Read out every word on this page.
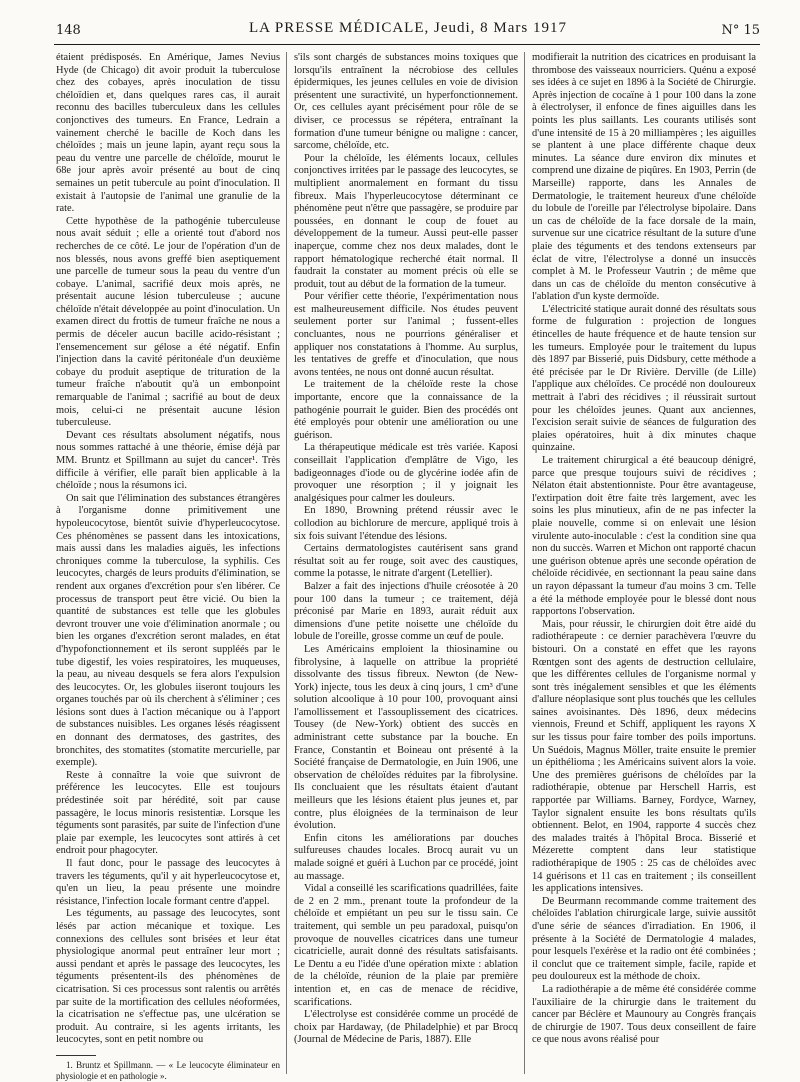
148	LA PRESSE MÉDICALE, Jeudi, 8 Mars 1917	N° 15

étaient prédisposés. En Amérique, James Nevius Hyde (de Chicago) dit avoir produit la tuberculose chez des cobayes, après inoculation de tissu chéloïdien et, dans quelques rares cas, il aurait reconnu des bacilles tuberculeux dans les cellules conjonctives des tumeurs. En France, Ledrain a vainement cherché le bacille de Koch dans les chéloïdes ; mais un jeune lapin, ayant reçu sous la peau du ventre une parcelle de chéloïde, mourut le 68e jour après avoir présenté au bout de cinq semaines un petit tubercule au point d'inoculation. Il existait à l'autopsie de l'animal une granulie de la rate.

Cette hypothèse de la pathogénie tuberculeuse nous avait séduit ; elle a orienté tout d'abord nos recherches de ce côté. Le jour de l'opération d'un de nos blessés, nous avons greffé bien aseptiquement une parcelle de tumeur sous la peau du ventre d'un cobaye. L'animal, sacrifié deux mois après, ne présentait aucune lésion tuberculeuse ; aucune chéloïde n'était développée au point d'inoculation. Un examen direct du frottis de tumeur fraîche ne nous a permis de déceler aucun bacille acido-résistant ; l'ensemencement sur gélose a été négatif. Enfin l'injection dans la cavité péritonéale d'un deuxième cobaye du produit aseptique de trituration de la tumeur fraîche n'aboutit qu'à un embonpoint remarquable de l'animal ; sacrifié au bout de deux mois, celui-ci ne présentait aucune lésion tuberculeuse.

Devant ces résultats absolument négatifs, nous nous sommes rattaché à une théorie, émise déjà par MM. Bruntz et Spillmann au sujet du cancer¹. Très difficile à vérifier, elle paraît bien applicable à la chéloïde ; nous la résumons ici.

On sait que l'élimination des substances étrangères à l'organisme donne primitivement une hypoleucocytose, bientôt suivie d'hyperleucocytose. Ces phénomènes se passent dans les intoxications, mais aussi dans les maladies aiguës, les infections chroniques comme la tuberculose, la syphilis. Ces leucocytes, chargés de leurs produits d'élimination, se rendent aux organes d'excrétion pour s'en libérer. Ce processus de transport peut être vicié. Ou bien la quantité de substances est telle que les globules devront trouver une voie d'élimination anormale ; ou bien les organes d'excrétion seront malades, en état d'hypofonctionnement et ils seront suppléés par le tube digestif, les voies respiratoires, les muqueuses, la peau, au niveau desquels se fera alors l'expulsion des leucocytes. Or, les globules iiseront toujours les organes touchés par où ils cherchent à s'éliminer ; ces lésions sont dues à l'action mécanique ou à l'apport de substances nuisibles. Les organes lésés réagissent en donnant des dermatoses, des gastrites, des bronchites, des stomatites (stomatite mercurielle, par exemple).

Reste à connaître la voie que suivront de préférence les leucocytes. Elle est toujours prédestinée soit par hérédité, soit par cause passagère, le locus minoris resistentiæ. Lorsque les téguments sont parasités, par suite de l'infection d'une plaie par exemple, les leucocytes sont attirés à cet endroit pour phagocyter.

Il faut donc, pour le passage des leucocytes à travers les téguments, qu'il y ait hyperleucocytose et, qu'en un lieu, la peau présente une moindre résistance, l'infection locale formant centre d'appel.

Les téguments, au passage des leucocytes, sont lésés par action mécanique et toxique. Les connexions des cellules sont brisées et leur état physiologique anormal peut entraîner leur mort ; aussi pendant et après le passage des leucocytes, les téguments présentent-ils des phénomènes de cicatrisation. Si ces processus sont ralentis ou arrêtés par suite de la mortification des cellules néoformées, la cicatrisation ne s'effectue pas, une ulcération se produit. Au contraire, si les agents irritants, les leucocytes, sont en petit nombre ou

1. Bruntz et Spillmann. — « Le leucocyte éliminateur en physiologie et en pathologie ».

s'ils sont chargés de substances moins toxiques que lorsqu'ils entraînent la nécrobiose des cellules épidermiques, les jeunes cellules en voie de division présentent une suractivité, un hyperfonctionnement. Or, ces cellules ayant précisément pour rôle de se diviser, ce processus se répétera, entraînant la formation d'une tumeur bénigne ou maligne : cancer, sarcome, chéloïde, etc.

Pour la chéloïde, les éléments locaux, cellules conjonctives irritées par le passage des leucocytes, se multiplient anormalement en formant du tissu fibreux. Mais l'hyperleucocytose déterminant ce phénomène peut n'être que passagère, se produire par poussées, en donnant le coup de fouet au développement de la tumeur. Aussi peut-elle passer inaperçue, comme chez nos deux malades, dont le rapport hématologique recherché était normal. Il faudrait la constater au moment précis où elle se produit, tout au début de la formation de la tumeur.

Pour vérifier cette théorie, l'expérimentation nous est malheureusement difficile. Nos études peuvent seulement porter sur l'animal ; fussent-elles concluantes, nous ne pourrions généraliser et appliquer nos constatations à l'homme. Au surplus, les tentatives de greffe et d'inoculation, que nous avons tentées, ne nous ont donné aucun résultat.

Le traitement de la chéloïde reste la chose importante, encore que la connaissance de la pathogénie pourrait le guider. Bien des procédés ont été employés pour obtenir une amélioration ou une guérison.

La thérapeutique médicale est très variée. Kaposi conseillait l'application d'emplâtre de Vigo, les badigeonnages d'iode ou de glycérine iodée afin de provoquer une résorption ; il y joignait les analgésiques pour calmer les douleurs.

En 1890, Browning prétend réussir avec le collodion au bichlorure de mercure, appliqué trois à six fois suivant l'étendue des lésions.

Certains dermatologistes cautérisent sans grand résultat soit au fer rouge, soit avec des caustiques, comme la potasse, le nitrate d'argent (Letellier).

Balzer a fait des injections d'huile créosotée à 20 pour 100 dans la tumeur ; ce traitement, déjà préconisé par Marie en 1893, aurait réduit aux dimensions d'une petite noisette une chéloïde du lobule de l'oreille, grosse comme un œuf de poule.

Les Américains emploient la thiosinamine ou fibrolysine, à laquelle on attribue la propriété dissolvante des tissus fibreux. Newton (de New-York) injecte, tous les deux à cinq jours, 1 cm³ d'une solution alcoolique à 10 pour 100, provoquant ainsi l'amollissement et l'assouplissement des cicatrices. Tousey (de New-York) obtient des succès en administrant cette substance par la bouche. En France, Constantin et Boineau ont présenté à la Société française de Dermatologie, en Juin 1906, une observation de chéloïdes réduites par la fibrolysine. Ils concluaient que les résultats étaient d'autant meilleurs que les lésions étaient plus jeunes et, par contre, plus éloignées de la terminaison de leur évolution.

Enfin citons les améliorations par douches sulfureuses chaudes locales. Brocq aurait vu un malade soigné et guéri à Luchon par ce procédé, joint au massage.

Vidal a conseillé les scarifications quadrillées, faite de 2 en 2 mm., prenant toute la profondeur de la chéloïde et empiétant un peu sur le tissu sain. Ce traitement, qui semble un peu paradoxal, puisqu'on provoque de nouvelles cicatrices dans une tumeur cicatricielle, aurait donné des résultats satisfaisants. Le Dentu a eu l'idée d'une opération mixte : ablation de la chéloïde, réunion de la plaie par première intention et, en cas de menace de récidive, scarifications.

L'électrolyse est considérée comme un procédé de choix par Hardaway, (de Philadelphie) et par Brocq (Journal de Médecine de Paris, 1887). Elle

modifierait la nutrition des cicatrices en produisant la thrombose des vaisseaux nourriciers. Quénu a exposé ses idées à ce sujet en 1896 à la Société de Chirurgie. Après injection de cocaïne à 1 pour 100 dans la zone à électrolyser, il enfonce de fines aiguilles dans les points les plus saillants. Les courants utilisés sont d'une intensité de 15 à 20 milliampères ; les aiguilles se plantent à une place différente chaque deux minutes. La séance dure environ dix minutes et comprend une dizaine de piqûres. En 1903, Perrin (de Marseille) rapporte, dans les Annales de Dermatologie, le traitement heureux d'une chéloïde du lobule de l'oreille par l'électrolyse bipolaire. Dans un cas de chéloïde de la face dorsale de la main, survenue sur une cicatrice résultant de la suture d'une plaie des téguments et des tendons extenseurs par éclat de vitre, l'électrolyse a donné un insuccès complet à M. le Professeur Vautrin ; de même que dans un cas de chéloïde du menton consécutive à l'ablation d'un kyste dermoïde.

L'électricité statique aurait donné des résultats sous forme de fulguration : projection de longues étincelles de haute fréquence et de haute tension sur les tumeurs. Employée pour le traitement du lupus dès 1897 par Bisserié, puis Didsbury, cette méthode a été précisée par le Dr Rivière. Derville (de Lille) l'applique aux chéloïdes. Ce procédé non douloureux mettrait à l'abri des récidives ; il réussirait surtout pour les chéloïdes jeunes. Quant aux anciennes, l'excision serait suivie de séances de fulguration des plaies opératoires, huit à dix minutes chaque quinzaine.

Le traitement chirurgical a été beaucoup dénigré, parce que presque toujours suivi de récidives ; Nélaton était abstentionniste. Pour être avantageuse, l'extirpation doit être faite très largement, avec les soins les plus minutieux, afin de ne pas infecter la plaie nouvelle, comme si on enlevait une lésion virulente auto-inoculable : c'est la condition sine qua non du succès. Warren et Michon ont rapporté chacun une guérison obtenue après une seconde opération de chéloïde récidivée, en sectionnant la peau saine dans un rayon dépassant la tumeur d'au moins 3 cm. Telle a été la méthode employée pour le blessé dont nous rapportons l'observation.

Mais, pour réussir, le chirurgien doit être aidé du radiothérapeute : ce dernier parachèvera l'œuvre du bistouri. On a constaté en effet que les rayons Rœntgen sont des agents de destruction cellulaire, que les différentes cellules de l'organisme normal y sont très inégalement sensibles et que les éléments d'allure néoplasique sont plus touchés que les cellules saines avoisinantes. Dès 1896, deux médecins viennois, Freund et Schiff, appliquent les rayons X sur les tissus pour faire tomber des poils importuns. Un Suédois, Magnus Möller, traite ensuite le premier un épithélioma ; les Américains suivent alors la voie. Une des premières guérisons de chéloïdes par la radiothérapie, obtenue par Herschell Harris, est rapportée par Williams. Barney, Fordyce, Warney, Taylor signalent ensuite les bons résultats qu'ils obtiennent. Belot, en 1904, rapporte 4 succès chez des malades traités à l'hôpital Broca. Bisserié et Mézerette comptent dans leur statistique radiothérapique de 1905 : 25 cas de chéloïdes avec 14 guérisons et 11 cas en traitement ; ils conseillent les applications intensives.

De Beurmann recommande comme traitement des chéloïdes l'ablation chirurgicale large, suivie aussitôt d'une série de séances d'irradiation. En 1906, il présente à la Société de Dermatologie 4 malades, pour lesquels l'exérèse et la radio ont été combinées ; il conclut que ce traitement simple, facile, rapide et peu douloureux est la méthode de choix.

La radiothérapie a de même été considérée comme l'auxiliaire de la chirurgie dans le traitement du cancer par Béclère et Maunoury au Congrès français de chirurgie de 1907. Tous deux conseillent de faire ce que nous avons réalisé pour
